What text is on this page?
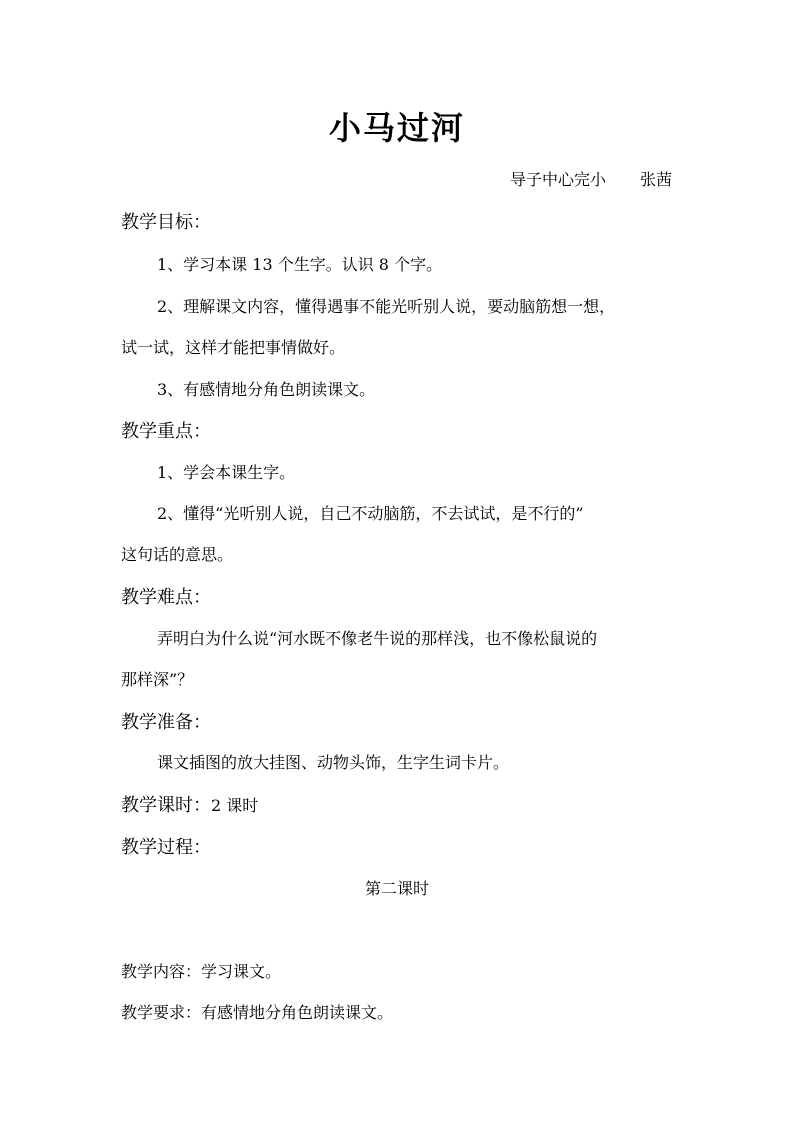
小马过河
导子中心完小 张茜
教学目标：
1、学习本课 13 个生字。认识 8 个字。
2、理解课文内容，懂得遇事不能光听别人说，要动脑筋想一想，
试一试，这样才能把事情做好。
3、有感情地分角色朗读课文。
教学重点：
1、学会本课生字。
2、懂得“光听别人说，自己不动脑筋，不去试试，是不行的”
这句话的意思。
教学难点：
弄明白为什么说“河水既不像老牛说的那样浅，也不像松鼠说的
那样深”？
教学准备：
课文插图的放大挂图、动物头饰，生字生词卡片。
教学课时：2 课时
教学过程：
第二课时
教学内容：学习课文。
教学要求：有感情地分角色朗读课文。
